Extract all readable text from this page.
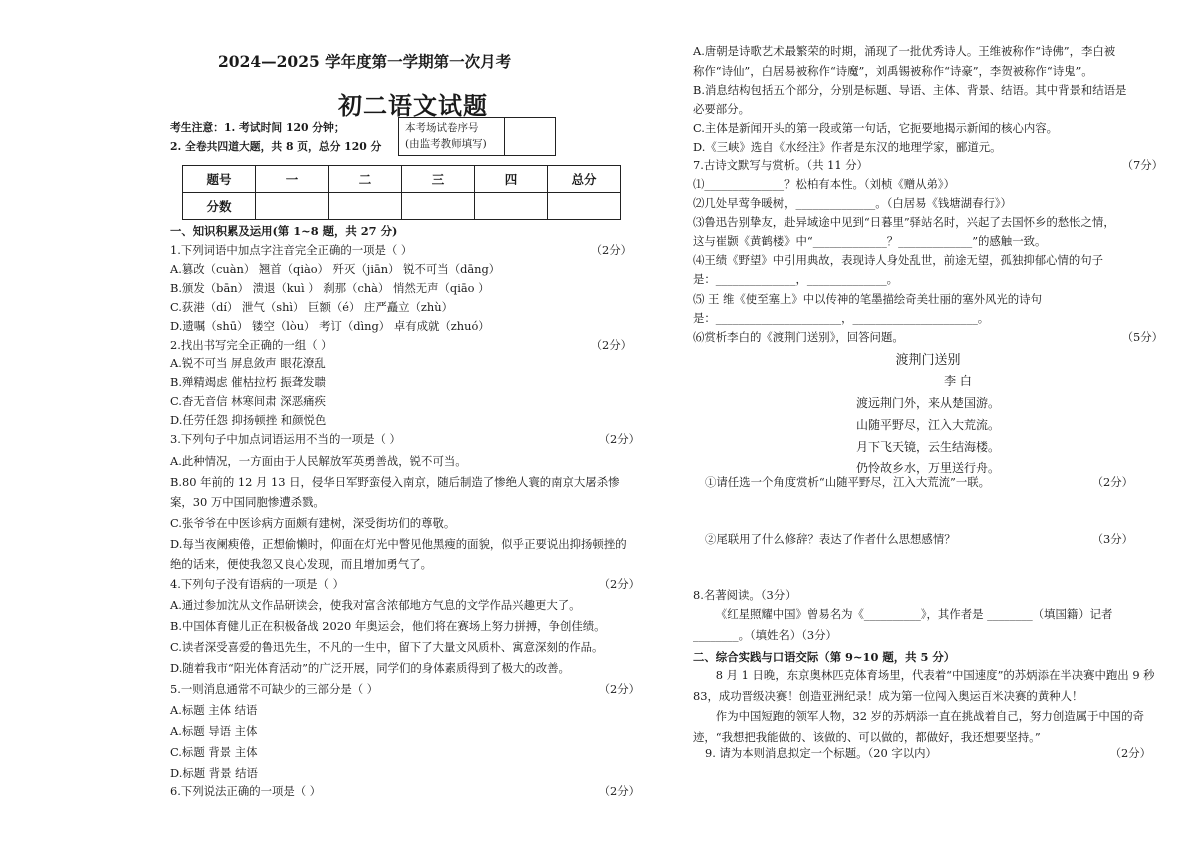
2024—2025 学年度第一学期第一次月考
初二语文试题
考生注意：1. 考试时间 120 分钟；
2. 全卷共四道大题，共 8 页，总分 120 分
本考场试卷序号
(由监考教师填写)
题号	一	二	三	四	总分
分数					
一、知识积累及运用(第 1~8 题，共 27 分)
1.下列词语中加点字注音完全正确的一项是（ ）	（2分）
A.篡改（cuàn） 翘首（qiào） 歼灭（jiān） 锐不可当（dāng）
B.颁发（bān） 溃退（kuì ） 刹那（chà） 悄然无声（qiāo ）
C.荻港（dí） 泄气（shì） 巨额（é） 庄严矗立（zhù）
D.遗嘱（shū） 镂空（lòu） 考订（dìng） 卓有成就（zhuó）
2.找出书写完全正确的一组（ ）	（2分）
A.锐不可当 屏息敛声 眼花潦乱
B.殚精竭虑 催枯拉朽 振聋发聩
C.杳无音信 林寒间肃 深恶痛疾
D.任劳任怨 抑扬顿挫 和颜悦色
3.下列句子中加点词语运用不当的一项是（ ）	（2分）
A.此种情况，一方面由于人民解放军英勇善战，锐不可当。
B.80 年前的 12 月 13 日，侵华日军野蛮侵入南京，随后制造了惨绝人寰的南京大屠杀惨
案，30 万中国同胞惨遭杀戮。
C.张爷爷在中医诊病方面颇有建树，深受街坊们的尊敬。
D.每当夜阑瘐倦，正想偷懒时，仰面在灯光中瞥见他黑瘦的面貌，似乎正要说出抑扬顿挫的
绝的话来，便使我忽又良心发现，而且增加勇气了。
4.下列句子没有语病的一项是（ ）	（2分）
A.通过参加沈从文作品研读会，使我对富含浓郁地方气息的文学作品兴趣更大了。
B.中国体育健儿正在积极备战 2020 年奥运会，他们将在赛场上努力拼搏，争创佳绩。
C.读者深受喜爱的鲁迅先生，不凡的一生中，留下了大量文风质朴、寓意深刻的作品。
D.随着我市“阳光体育活动”的广泛开展，同学们的身体素质得到了极大的改善。
5.一则消息通常不可缺少的三部分是（ ）	（2分）
A.标题 主体 结语
A.标题 导语 主体
C.标题 背景 主体
D.标题 背景 结语
6.下列说法正确的一项是（ ）	（2分）
A.唐朝是诗歌艺术最繁荣的时期，涌现了一批优秀诗人。王维被称作“诗佛”，李白被
称作“诗仙”，白居易被称作“诗魔”，刘禹锡被称作“诗豪”，李贺被称作“诗鬼”。
B.消息结构包括五个部分，分别是标题、导语、主体、背景、结语。其中背景和结语是
必要部分。
C.主体是新闻开头的第一段或第一句话，它扼要地揭示新闻的核心内容。
D.《三峡》选自《水经注》作者是东汉的地理学家，郦道元。
7.古诗文默写与赏析。（共 11 分）	（7分）
⑴______________？松柏有本性。（刘桢《赠从弟》）
⑵几处早莺争暖树，______________。（白居易《钱塘湖春行》）
⑶鲁迅告别挚友，赴异域途中见到“日暮里”驿站名时，兴起了去国怀乡的愁怅之情，
这与崔颢《黄鹤楼》中“_____________？_____________”的感触一致。
⑷王绩《野望》中引用典故，表现诗人身处乱世，前途无望，孤独抑郁心情的句子
是：______________，______________。
⑸ 王 维《使至塞上》中以传神的笔墨描绘奇美壮丽的塞外风光的诗句
是：______________________，______________________。
⑹赏析李白的《渡荆门送别》，回答问题。	（5分）
渡荆门送别
李 白
渡远荆门外，来从楚国游。
山随平野尽，江入大荒流。
月下飞天镜，云生结海楼。
仍怜故乡水，万里送行舟。
①请任选一个角度赏析“山随平野尽，江入大荒流”一联。	（2分）
②尾联用了什么修辞？表达了作者什么思想感情？	（3分）
8.名著阅读。（3分）
《红星照耀中国》曾易名为《__________》，其作者是 ________（填国籍）记者 ________。（填姓名）（3分）
二、综合实践与口语交际（第 9~10 题，共 5 分）
8 月 1 日晚，东京奥林匹克体育场里，代表着“中国速度”的苏炳添在半决赛中跑出 9 秒 83，成功晋级决赛！创造亚洲纪录！成为第一位闯入奥运百米决赛的黄种人！
作为中国短跑的领军人物，32 岁的苏炳添一直在挑战着自己，努力创造属于中国的奇迹，“我想把我能做的、该做的、可以做的，都做好，我还想要坚持。”
9. 请为本则消息拟定一个标题。（20 字以内）	（2分）
